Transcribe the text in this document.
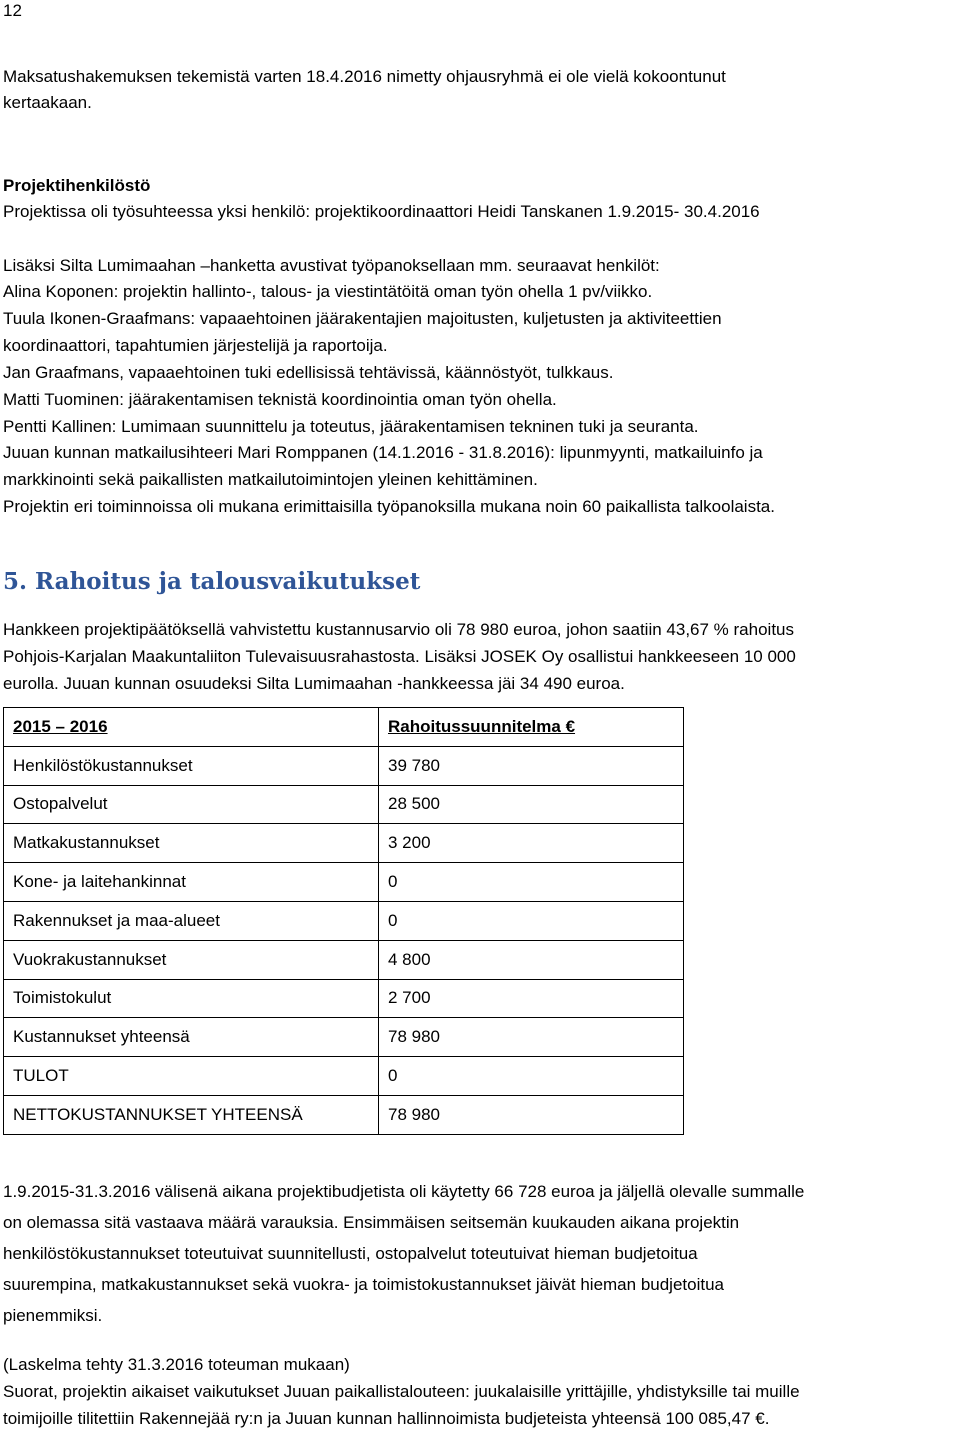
12
Maksatushakemuksen tekemistä varten 18.4.2016 nimetty ohjausryhmä ei ole vielä kokoontunut
kertaakaan.
Projektihenkilöstö
Projektissa oli työsuhteessa yksi henkilö: projektikoordinaattori Heidi Tanskanen 1.9.2015- 30.4.2016
Lisäksi Silta Lumimaahan –hanketta avustivat työpanoksellaan mm. seuraavat henkilöt:
Alina Koponen: projektin hallinto-, talous- ja viestintätöitä oman työn ohella 1 pv/viikko.
Tuula Ikonen-Graafmans: vapaaehtoinen jäärakentajien majoitusten, kuljetusten ja aktiviteettien
koordinaattori, tapahtumien järjestelijä ja raportoija.
Jan Graafmans, vapaaehtoinen tuki edellisissä tehtävissä, käännöstyöt, tulkkaus.
Matti Tuominen: jäärakentamisen teknistä koordinointia oman työn ohella.
Pentti Kallinen: Lumimaan suunnittelu ja toteutus, jäärakentamisen tekninen tuki ja seuranta.
Juuan kunnan matkailusihteeri Mari Romppanen (14.1.2016 - 31.8.2016): lipunmyynti, matkailuinfo ja
markkinointi sekä paikallisten matkailutoimintojen yleinen kehittäminen.
Projektin eri toiminnoissa oli mukana erimittaisilla työpanoksilla mukana noin 60 paikallista talkoolaista.
5. Rahoitus ja talousvaikutukset
Hankkeen projektipäätöksellä vahvistettu kustannusarvio oli 78 980 euroa, johon saatiin 43,67 % rahoitus
Pohjois-Karjalan Maakuntaliiton Tulevaisuusrahastosta. Lisäksi JOSEK Oy osallistui hankkeeseen 10 000
eurolla. Juuan kunnan osuudeksi Silta Lumimaahan -hankkeessa jäi 34 490 euroa.
2015 – 2016	Rahoitussuunnitelma €
Henkilöstökustannukset	39 780
Ostopalvelut	28 500
Matkakustannukset	3 200
Kone- ja laitehankinnat	0
Rakennukset ja maa-alueet	0
Vuokrakustannukset	4 800
Toimistokulut	2 700
Kustannukset yhteensä	78 980
TULOT	0
NETTOKUSTANNUKSET YHTEENSÄ	78 980
1.9.2015-31.3.2016 välisenä aikana projektibudjetista oli käytetty 66 728 euroa ja jäljellä olevalle summalle
on olemassa sitä vastaava määrä varauksia. Ensimmäisen seitsemän kuukauden aikana projektin
henkilöstökustannukset toteutuivat suunnitellusti, ostopalvelut toteutuivat hieman budjetoitua
suurempina, matkakustannukset sekä vuokra- ja toimistokustannukset jäivät hieman budjetoitua
pienemmiksi.
(Laskelma tehty 31.3.2016 toteuman mukaan)
Suorat, projektin aikaiset vaikutukset Juuan paikallistalouteen: juukalaisille yrittäjille, yhdistyksille tai muille
toimijoille tilitettiin Rakennejää ry:n ja Juuan kunnan hallinnoimista budjeteista yhteensä 100 085,47 €.
